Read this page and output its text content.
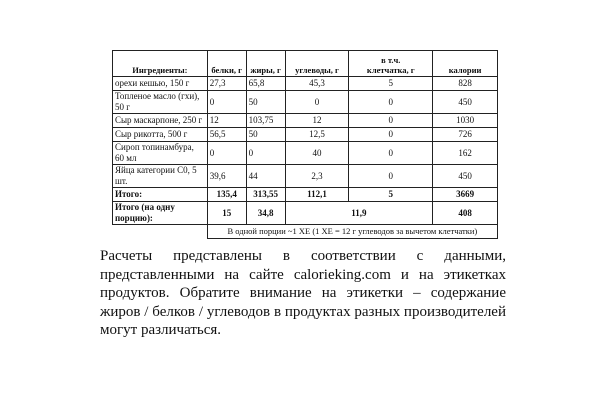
Ингредиенты:	белки, г	жиры, г	углеводы, г	в т.ч.
клетчатка, г	калории
орехи кешью, 150 г	27,3	65,8	45,3	5	828
Топленое масло (гхи), 50 г	0	50	0	0	450
Сыр маскарпоне, 250 г	12	103,75	12	0	1030
Сыр рикотта, 500 г	56,5	50	12,5	0	726
Сироп топинамбура, 60 мл	0	0	40	0	162
Яйца категории С0, 5 шт.	39,6	44	2,3	0	450
Итого:	135,4	313,55	112,1	5	3669
Итого (на одну порцию):	15	34,8	11,9		408
	В одной порции ~1 ХЕ (1 ХЕ = 12 г углеводов за вычетом клетчатки)				

Расчеты представлены в соответствии с данными, представленными на сайте calorieking.com и на этикетках продуктов. Обратите внимание на этикетки – содержание жиров / белков / углеводов в продуктах разных производителей могут различаться.
